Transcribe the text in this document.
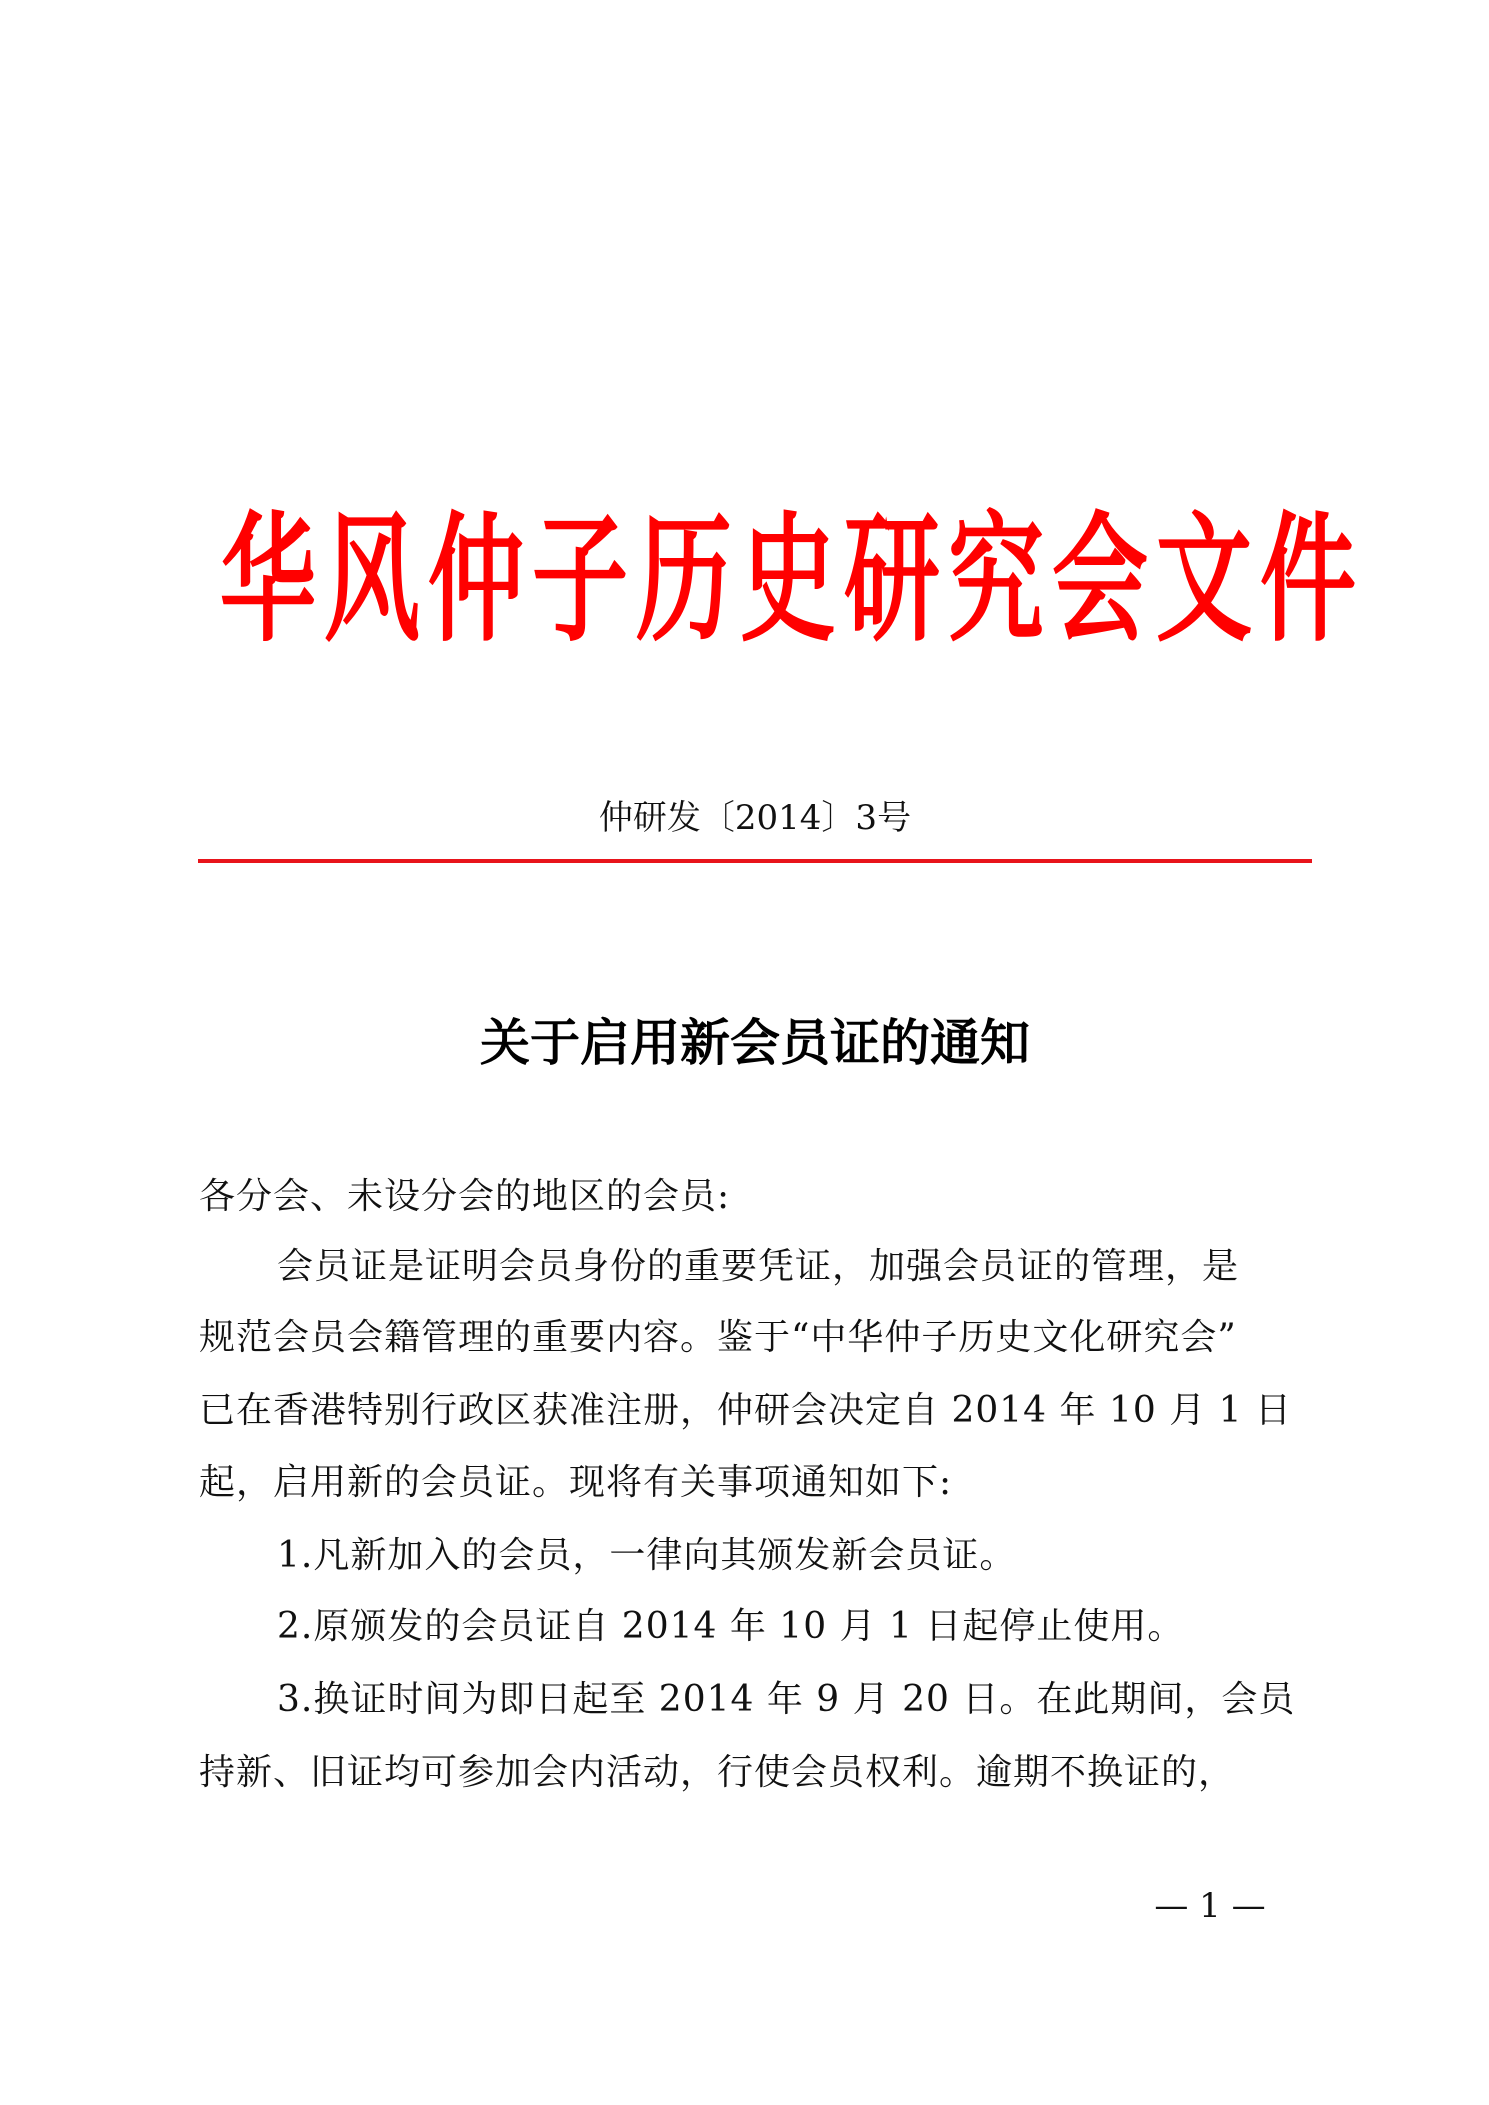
华风仲子历史研究会文件
仲研发〔2014〕3号
关于启用新会员证的通知
各分会、未设分会的地区的会员:
会员证是证明会员身份的重要凭证，加强会员证的管理，是
规范会员会籍管理的重要内容。鉴于“中华仲子历史文化研究会”
已在香港特别行政区获准注册，仲研会决定自 2014 年 10 月 1 日
起，启用新的会员证。现将有关事项通知如下:
1.凡新加入的会员，一律向其颁发新会员证。
2.原颁发的会员证自 2014 年 10 月 1 日起停止使用。
3.换证时间为即日起至 2014 年 9 月 20 日。在此期间，会员
持新、旧证均可参加会内活动，行使会员权利。逾期不换证的，
— 1 —
